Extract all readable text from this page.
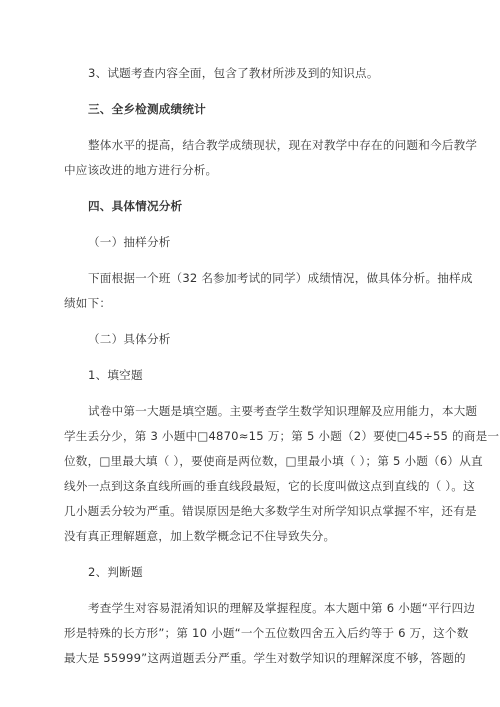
3、试题考查内容全面，包含了教材所涉及到的知识点。
三、全乡检测成绩统计
整体水平的提高，结合教学成绩现状，现在对教学中存在的问题和今后教学
中应该改进的地方进行分析。
四、具体情况分析
（一）抽样分析
下面根据一个班（32 名参加考试的同学）成绩情况，做具体分析。抽样成
绩如下：
（二）具体分析
1、填空题
试卷中第一大题是填空题。主要考查学生数学知识理解及应用能力，本大题
学生丢分少，第 3 小题中□4870≈15 万；第 5 小题（2）要使□45÷55 的商是一
位数，□里最大填（ ），要使商是两位数，□里最小填（ ）；第 5 小题（6）从直
线外一点到这条直线所画的垂直线段最短，它的长度叫做这点到直线的（ ）。这
几小题丢分较为严重。错误原因是绝大多数学生对所学知识点掌握不牢，还有是
没有真正理解题意，加上数学概念记不住导致失分。
2、判断题
考查学生对容易混淆知识的理解及掌握程度。本大题中第 6 小题“平行四边
形是特殊的长方形”；第 10 小题“一个五位数四舍五入后约等于 6 万，这个数
最大是 55999”这两道题丢分严重。学生对数学知识的理解深度不够，答题的
